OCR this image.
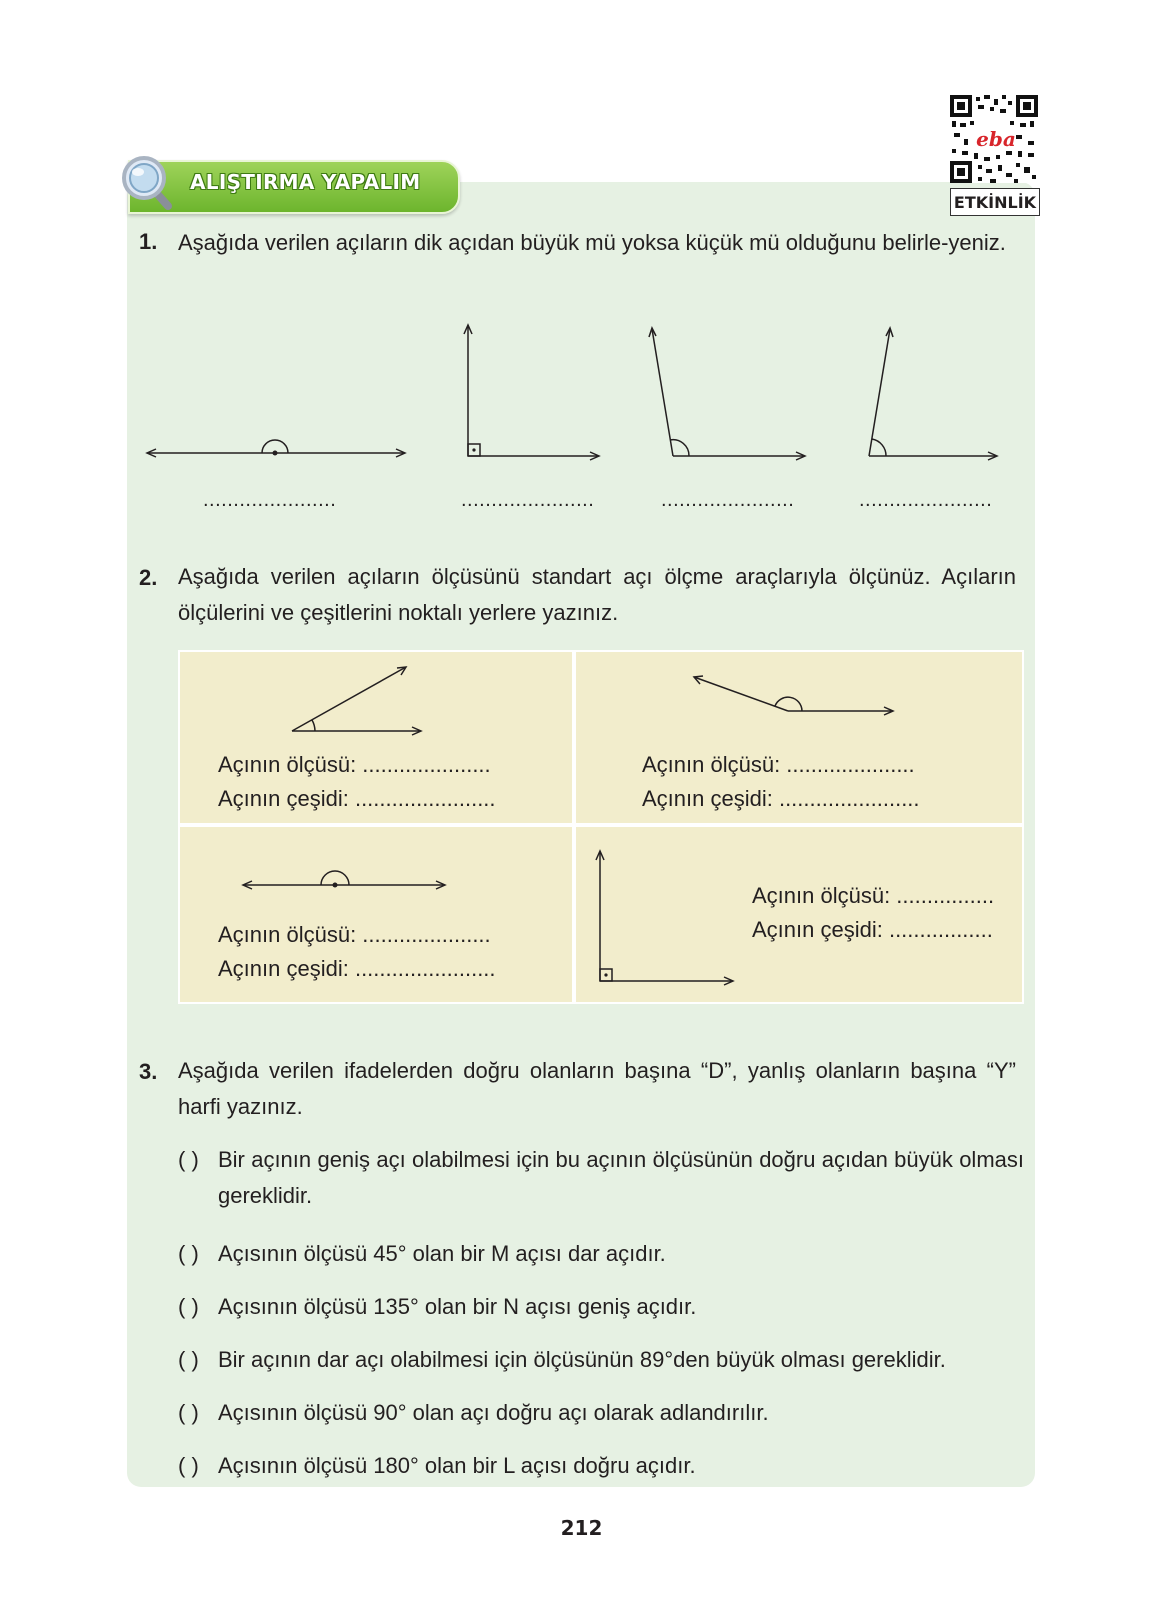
eba
ETKİNLİK
ALIŞTIRMA YAPALIM
1. Aşağıda verilen açıların dik açıdan büyük mü yoksa küçük mü olduğunu belirle-yeniz.
......................	......................	......................	......................
2. Aşağıda verilen açıların ölçüsünü standart açı ölçme araçlarıyla ölçünüz. Açıların ölçülerini ve çeşitlerini noktalı yerlere yazınız.
Açının ölçüsü: .....................
Açının çeşidi: .......................
Açının ölçüsü: .....................
Açının çeşidi: .......................
Açının ölçüsü: .....................
Açının çeşidi: .......................
Açının ölçüsü: ................
Açının çeşidi: .................
3. Aşağıda verilen ifadelerden doğru olanların başına “D”, yanlış olanların başına “Y” harfi yazınız.
( ) Bir açının geniş açı olabilmesi için bu açının ölçüsünün doğru açıdan büyük olması gereklidir.
( ) Açısının ölçüsü 45° olan bir M açısı dar açıdır.
( ) Açısının ölçüsü 135° olan bir N açısı geniş açıdır.
( ) Bir açının dar açı olabilmesi için ölçüsünün 89°den büyük olması gereklidir.
( ) Açısının ölçüsü 90° olan açı doğru açı olarak adlandırılır.
( ) Açısının ölçüsü 180° olan bir L açısı doğru açıdır.
212
